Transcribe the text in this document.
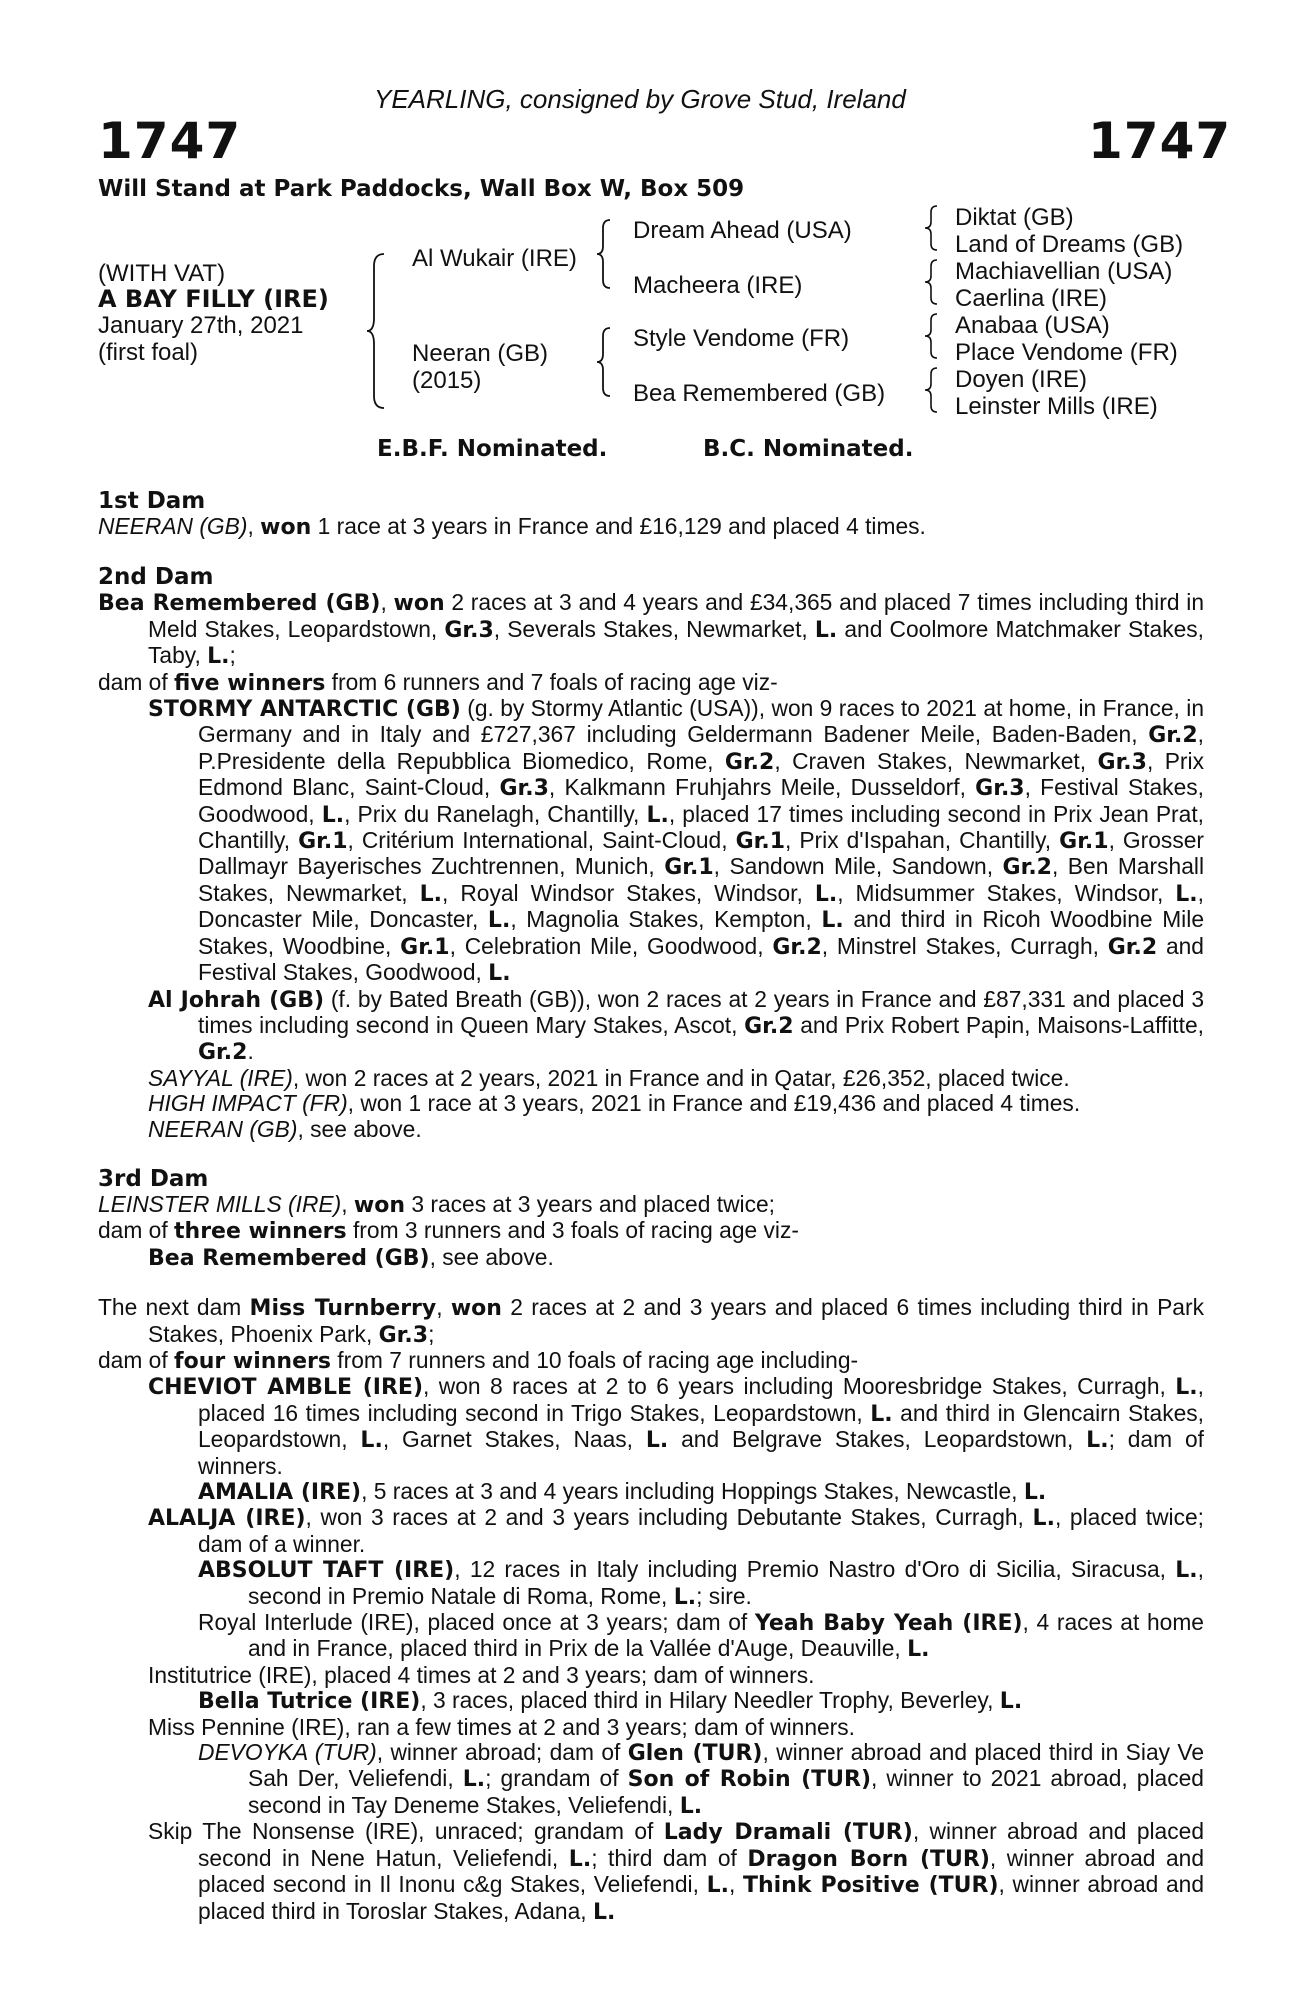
YEARLING, consigned by Grove Stud, Ireland
1747	1747
Will Stand at Park Paddocks, Wall Box W, Box 509
(WITH VAT)
A BAY FILLY (IRE)
January 27th, 2021
(first foal)
Al Wukair (IRE)
Neeran (GB)
(2015)
Dream Ahead (USA)
Macheera (IRE)
Style Vendome (FR)
Bea Remembered (GB)
Diktat (GB)
Land of Dreams (GB)
Machiavellian (USA)
Caerlina (IRE)
Anabaa (USA)
Place Vendome (FR)
Doyen (IRE)
Leinster Mills (IRE)
E.B.F. Nominated.	B.C. Nominated.
1st Dam

NEERAN (GB), won 1 race at 3 years in France and £16,129 and placed 4 times.

2nd Dam

Bea Remembered (GB), won 2 races at 3 and 4 years and £34,365 and placed 7 times including third in Meld Stakes, Leopardstown, Gr.3, Severals Stakes, Newmarket, L. and Coolmore Matchmaker Stakes, Taby, L.;

dam of five winners from 6 runners and 7 foals of racing age viz-

STORMY ANTARCTIC (GB) (g. by Stormy Atlantic (USA)), won 9 races to 2021 at home, in France, in Germany and in Italy and £727,367 including Geldermann Badener Meile, Baden-Baden, Gr.2, P.Presidente della Repubblica Biomedico, Rome, Gr.2, Craven Stakes, Newmarket, Gr.3, Prix Edmond Blanc, Saint-Cloud, Gr.3, Kalkmann Fruhjahrs Meile, Dusseldorf, Gr.3, Festival Stakes, Goodwood, L., Prix du Ranelagh, Chantilly, L., placed 17 times including second in Prix Jean Prat, Chantilly, Gr.1, Critérium International, Saint-Cloud, Gr.1, Prix d'Ispahan, Chantilly, Gr.1, Grosser Dallmayr Bayerisches Zuchtrennen, Munich, Gr.1, Sandown Mile, Sandown, Gr.2, Ben Marshall Stakes, Newmarket, L., Royal Windsor Stakes, Windsor, L., Midsummer Stakes, Windsor, L., Doncaster Mile, Doncaster, L., Magnolia Stakes, Kempton, L. and third in Ricoh Woodbine Mile Stakes, Woodbine, Gr.1, Celebration Mile, Goodwood, Gr.2, Minstrel Stakes, Curragh, Gr.2 and Festival Stakes, Goodwood, L.

Al Johrah (GB) (f. by Bated Breath (GB)), won 2 races at 2 years in France and £87,331 and placed 3 times including second in Queen Mary Stakes, Ascot, Gr.2 and Prix Robert Papin, Maisons-Laffitte, Gr.2.

SAYYAL (IRE), won 2 races at 2 years, 2021 in France and in Qatar, £26,352, placed twice.

HIGH IMPACT (FR), won 1 race at 3 years, 2021 in France and £19,436 and placed 4 times.

NEERAN (GB), see above.

3rd Dam

LEINSTER MILLS (IRE), won 3 races at 3 years and placed twice;

dam of three winners from 3 runners and 3 foals of racing age viz-

Bea Remembered (GB), see above.

The next dam Miss Turnberry, won 2 races at 2 and 3 years and placed 6 times including third in Park Stakes, Phoenix Park, Gr.3;

dam of four winners from 7 runners and 10 foals of racing age including-

CHEVIOT AMBLE (IRE), won 8 races at 2 to 6 years including Mooresbridge Stakes, Curragh, L., placed 16 times including second in Trigo Stakes, Leopardstown, L. and third in Glencairn Stakes, Leopardstown, L., Garnet Stakes, Naas, L. and Belgrave Stakes, Leopardstown, L.; dam of winners.

AMALIA (IRE), 5 races at 3 and 4 years including Hoppings Stakes, Newcastle, L.

ALALJA (IRE), won 3 races at 2 and 3 years including Debutante Stakes, Curragh, L., placed twice; dam of a winner.

ABSOLUT TAFT (IRE), 12 races in Italy including Premio Nastro d'Oro di Sicilia, Siracusa, L., second in Premio Natale di Roma, Rome, L.; sire.

Royal Interlude (IRE), placed once at 3 years; dam of Yeah Baby Yeah (IRE), 4 races at home and in France, placed third in Prix de la Vallée d'Auge, Deauville, L.

Institutrice (IRE), placed 4 times at 2 and 3 years; dam of winners.

Bella Tutrice (IRE), 3 races, placed third in Hilary Needler Trophy, Beverley, L.

Miss Pennine (IRE), ran a few times at 2 and 3 years; dam of winners.

DEVOYKA (TUR), winner abroad; dam of Glen (TUR), winner abroad and placed third in Siay Ve Sah Der, Veliefendi, L.; grandam of Son of Robin (TUR), winner to 2021 abroad, placed second in Tay Deneme Stakes, Veliefendi, L.

Skip The Nonsense (IRE), unraced; grandam of Lady Dramali (TUR), winner abroad and placed second in Nene Hatun, Veliefendi, L.; third dam of Dragon Born (TUR), winner abroad and placed second in Il Inonu c&g Stakes, Veliefendi, L., Think Positive (TUR), winner abroad and placed third in Toroslar Stakes, Adana, L.
